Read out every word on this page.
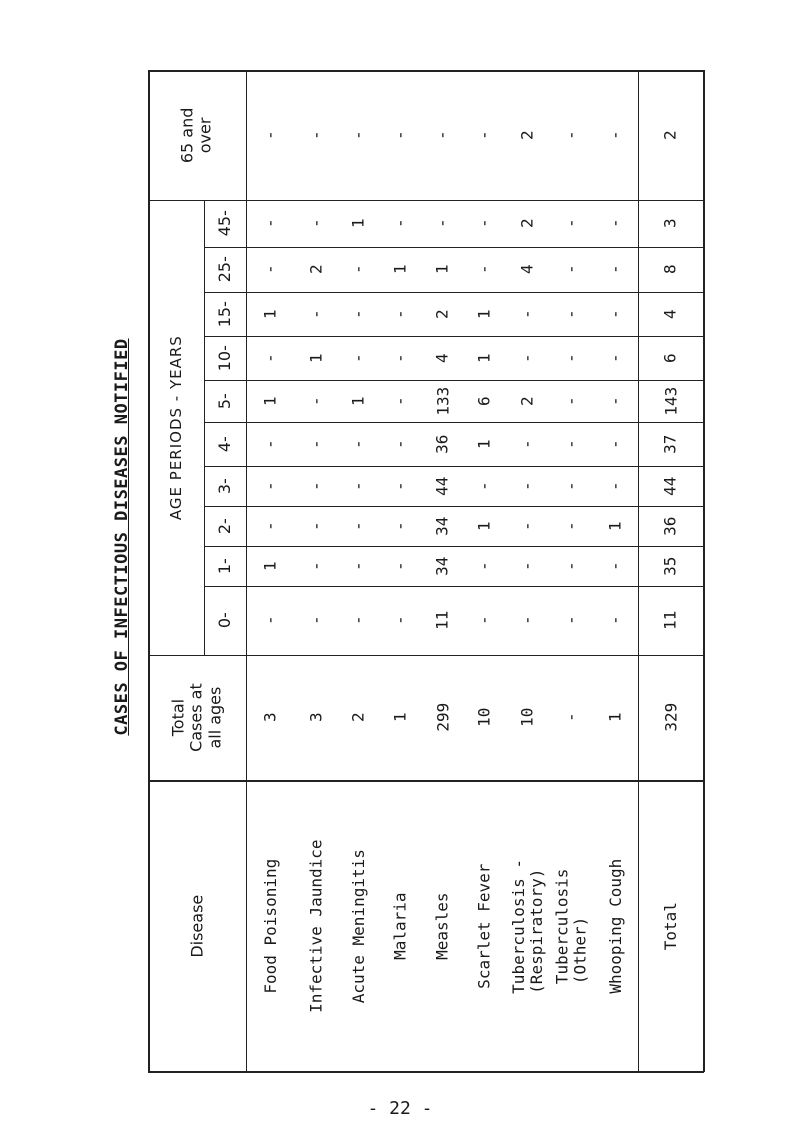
CASES OF INFECTIOUS DISEASES NOTIFIED
65 and
over
AGE PERIODS - YEARS
Total
Cases at
all ages
Disease
0-
1-
2-
3-
4-
5-
10-
15-
25-
45-
-
-
1
-
-
-
1
-
1
-
-
3
Food Poisoning
-
-
-
-
-
-
-
1
-
2
-
3
Infective Jaundice
-
-
-
-
-
-
1
-
-
-
1
2
Acute Meningitis
-
-
-
-
-
-
-
-
-
1
-
1
Malaria
-
11
34
34
44
36
133
4
2
1
-
299
Measles
-
-
-
1
-
1
6
1
1
-
-
10
Scarlet Fever
2
-
-
-
-
-
2
-
-
4
2
10
Tuberculosis -
(Respiratory)
-
-
-
-
-
-
-
-
-
-
-
-
Tuberculosis
(Other)
-
-
-
1
-
-
-
-
-
-
-
1
Whooping Cough
2
11
35
36
44
37
143
6
4
8
3
329
Total
- 22 -
